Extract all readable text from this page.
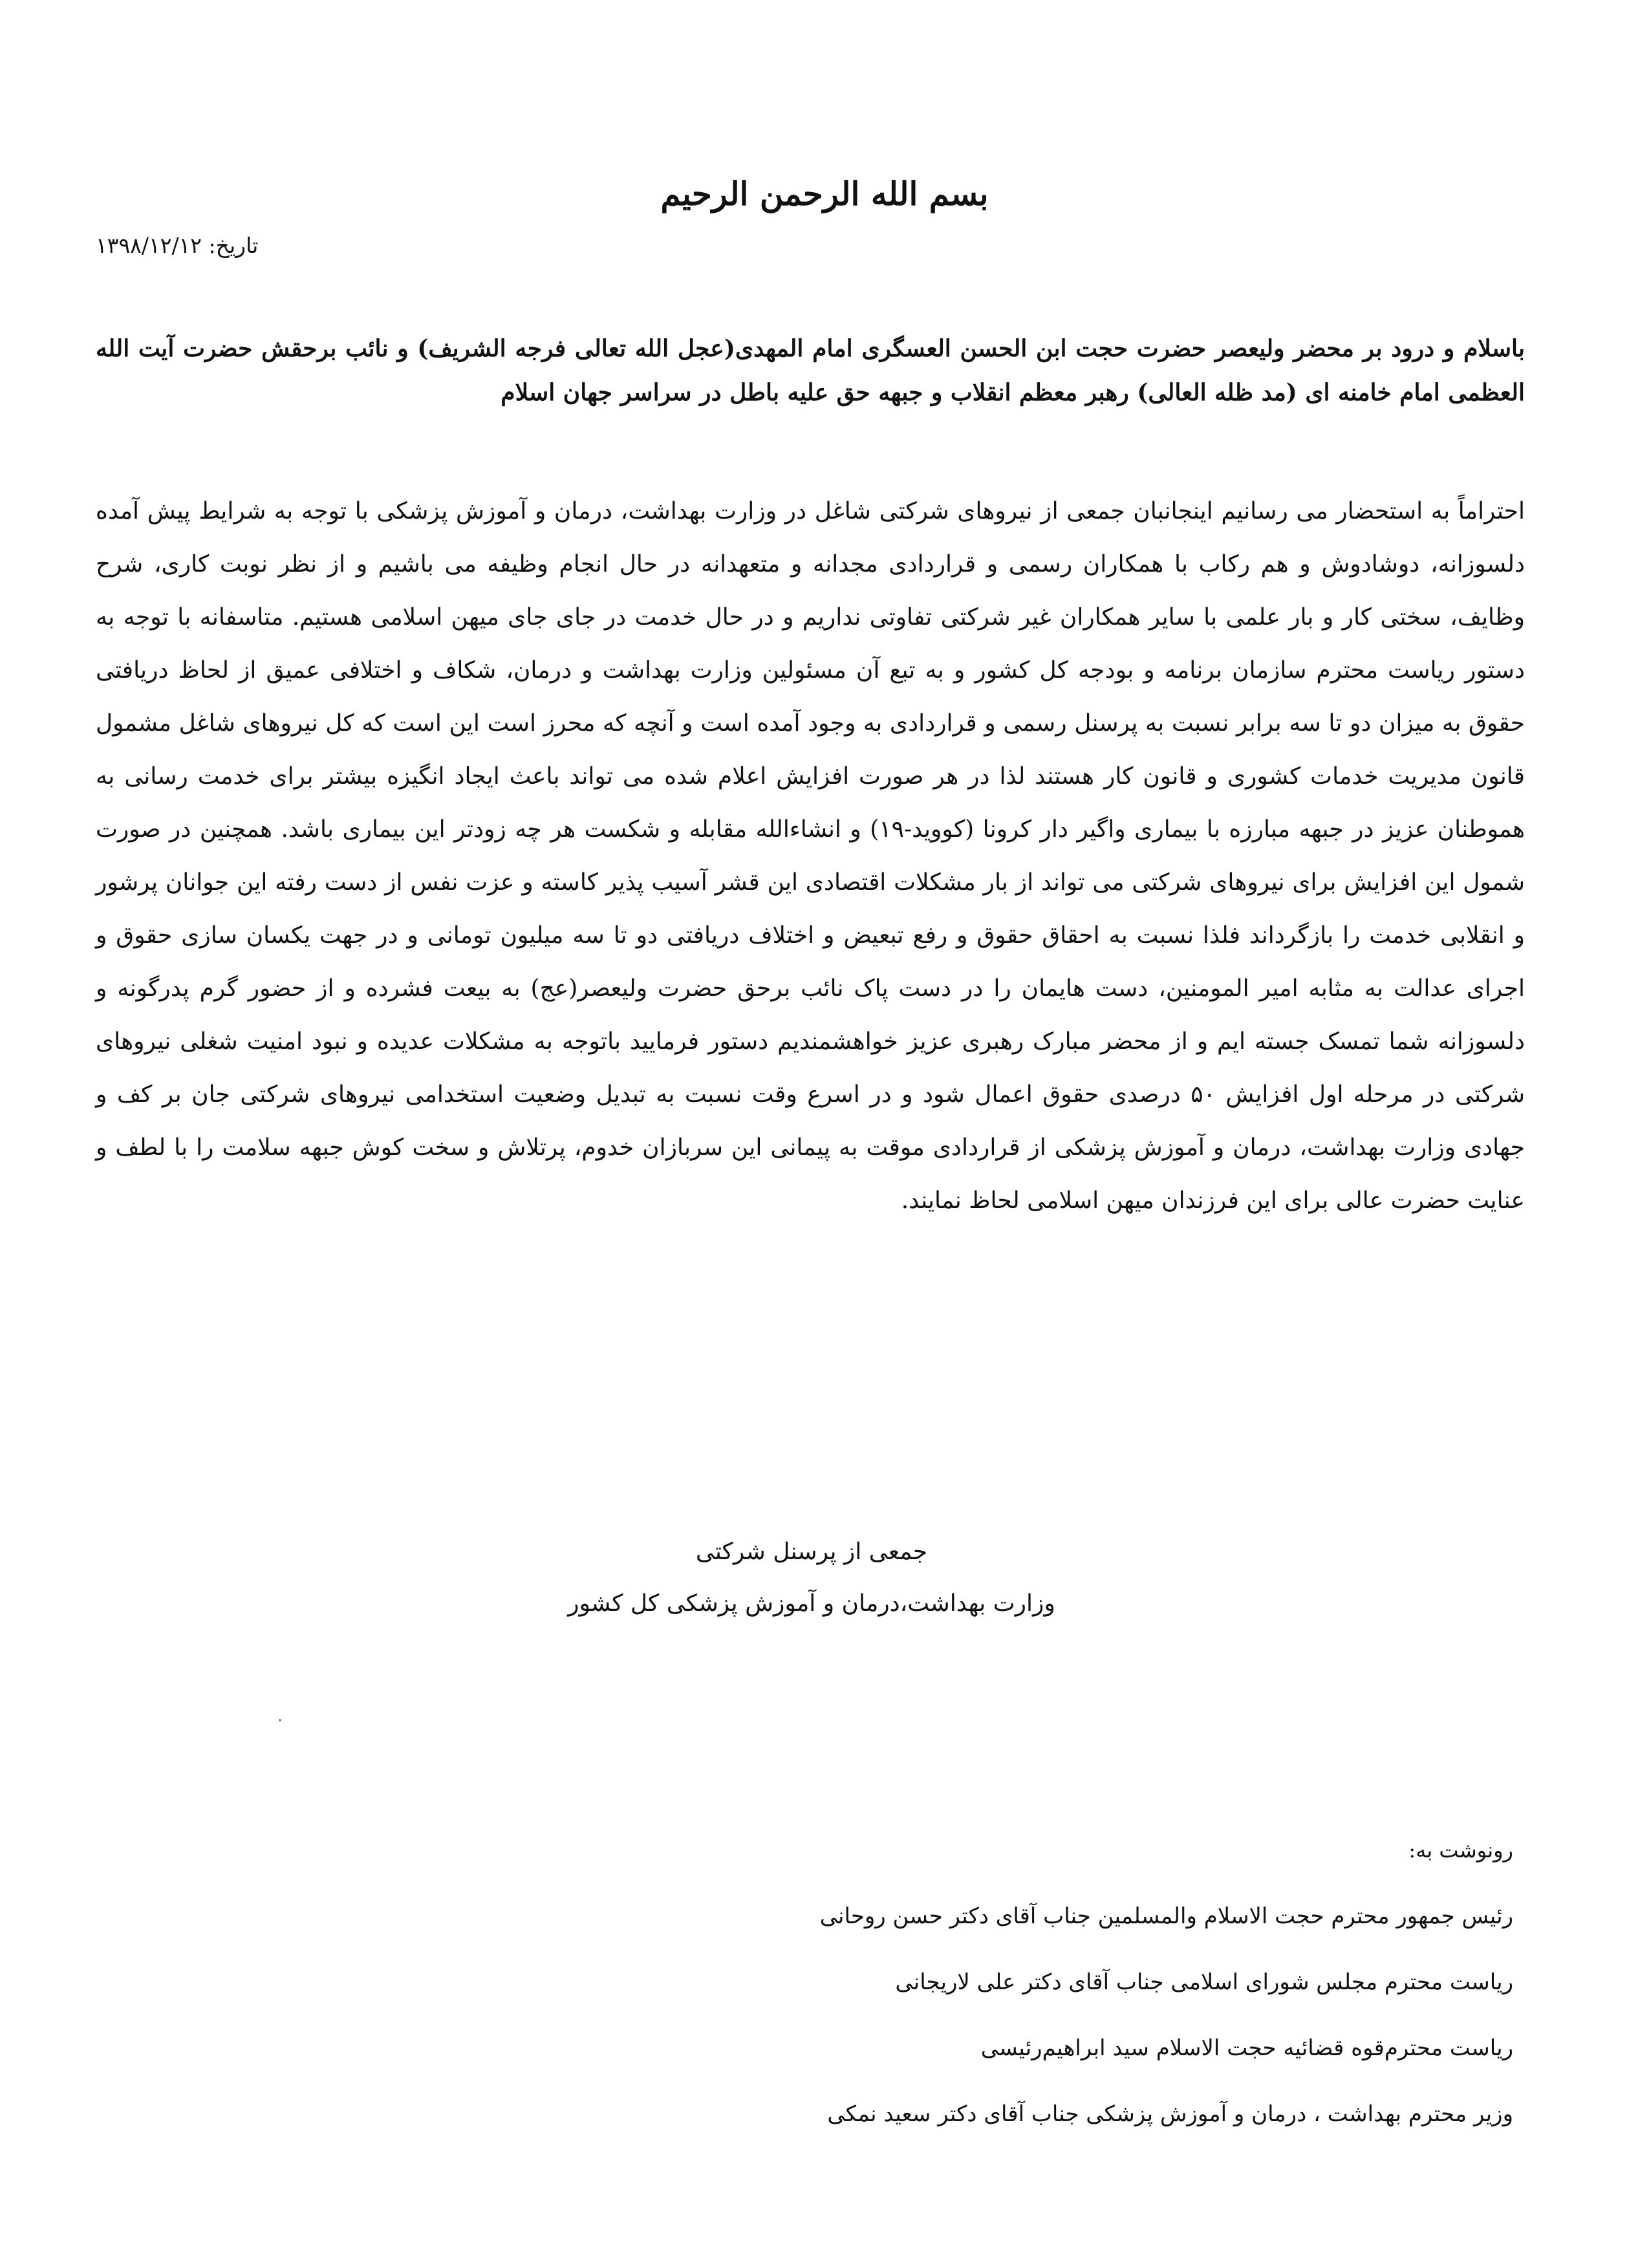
بسم الله الرحمن الرحیم
تاریخ: ۱۳۹۸/۱۲/۱۲
باسلام و درود بر محضر ولیعصر حضرت حجت ابن الحسن العسگری امام المهدی(عجل الله تعالی فرجه الشریف) و نائب برحقش حضرت آیت الله العظمی امام خامنه ای (مد ظله العالی) رهبر معظم انقلاب و جبهه حق علیه باطل در سراسر جهان اسلام
احتراماً به استحضار می رسانیم اینجانبان جمعی از نیروهای شرکتی شاغل در وزارت بهداشت، درمان و آموزش پزشکی با توجه به شرایط پیش آمده دلسوزانه، دوشادوش و هم رکاب با همکاران رسمی و قراردادی مجدانه و متعهدانه در حال انجام وظیفه می باشیم و از نظر نوبت کاری، شرح وظایف، سختی کار و بار علمی با سایر همکاران غیر شرکتی تفاوتی نداریم و در حال خدمت در جای جای میهن اسلامی هستیم. متاسفانه با توجه به دستور ریاست محترم سازمان برنامه و بودجه کل کشور و به تبع آن مسئولین وزارت بهداشت و درمان، شکاف و اختلافی عمیق از لحاظ دریافتی حقوق به میزان دو تا سه برابر نسبت به پرسنل رسمی و قراردادی به وجود آمده است و آنچه که محرز است این است که کل نیروهای شاغل مشمول قانون مدیریت خدمات کشوری و قانون کار هستند لذا در هر صورت افزایش اعلام شده می تواند باعث ایجاد انگیزه بیشتر برای خدمت رسانی به هموطنان عزیز در جبهه مبارزه با بیماری واگیر دار کرونا (کووید-۱۹) و انشاءالله مقابله و شکست هر چه زودتر این بیماری باشد. همچنین در صورت شمول این افزایش برای نیروهای شرکتی می تواند از بار مشکلات اقتصادی این قشر آسیب پذیر کاسته و عزت نفس از دست رفته این جوانان پرشور و انقلابی خدمت را بازگرداند فلذا نسبت به احقاق حقوق و رفع تبعیض و اختلاف دریافتی دو تا سه میلیون تومانی و در جهت یکسان سازی حقوق و اجرای عدالت به مثابه امیر المومنین، دست هایمان را در دست پاک نائب برحق حضرت ولیعصر(عج) به بیعت فشرده و از حضور گرم پدرگونه و دلسوزانه شما تمسک جسته ایم و از محضر مبارک رهبری عزیز خواهشمندیم دستور فرمایید باتوجه به مشکلات عدیده و نبود امنیت شغلی نیروهای شرکتی در مرحله اول افزایش ۵۰ درصدی حقوق اعمال شود و در اسرع وقت نسبت به تبدیل وضعیت استخدامی نیروهای شرکتی جان بر کف و جهادی وزارت بهداشت، درمان و آموزش پزشکی از قراردادی موقت به پیمانی این سربازان خدوم، پرتلاش و سخت کوش جبهه سلامت را با لطف و عنایت حضرت عالی برای این فرزندان میهن اسلامی لحاظ نمایند.
جمعی از پرسنل شرکتی
وزارت بهداشت،درمان و آموزش پزشکی کل کشور
رونوشت به:
رئیس جمهور محترم حجت الاسلام والمسلمین جناب آقای دکتر حسن روحانی
ریاست محترم مجلس شورای اسلامی جناب آقای دکتر علی لاریجانی
ریاست محترم‌قوه قضائیه حجت الاسلام سید ابراهیم‌رئیسی
وزیر محترم بهداشت ، درمان و آموزش پزشکی جناب آقای دکتر سعید نمکی
